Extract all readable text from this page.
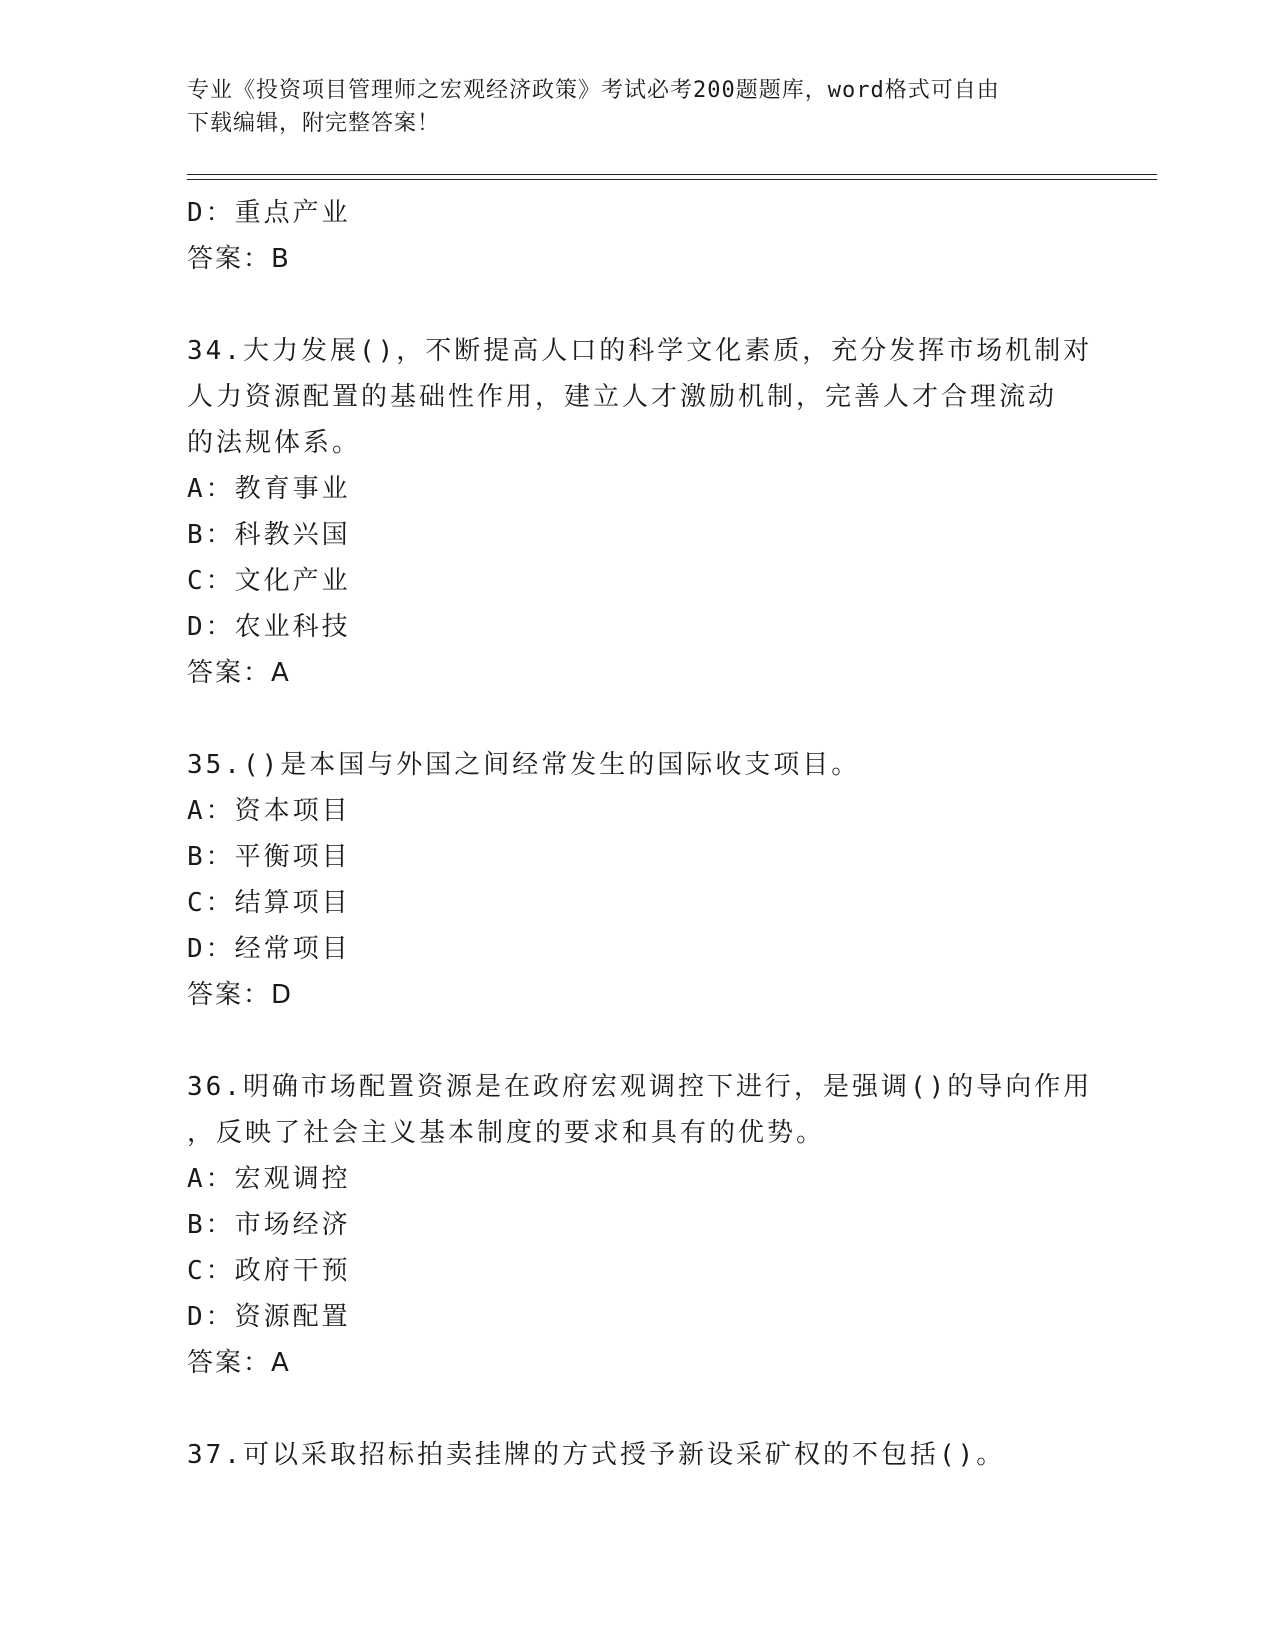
专业《投资项目管理师之宏观经济政策》考试必考200题题库，word格式可自由
下载编辑，附完整答案！
D：重点产业
答案：B
34.大力发展()，不断提高人口的科学文化素质，充分发挥市场机制对
人力资源配置的基础性作用，建立人才激励机制，完善人才合理流动
的法规体系。
A：教育事业
B：科教兴国
C：文化产业
D：农业科技
答案：A
35.()是本国与外国之间经常发生的国际收支项目。
A：资本项目
B：平衡项目
C：结算项目
D：经常项目
答案：D
36.明确市场配置资源是在政府宏观调控下进行，是强调()的导向作用
，反映了社会主义基本制度的要求和具有的优势。
A：宏观调控
B：市场经济
C：政府干预
D：资源配置
答案：A
37.可以采取招标拍卖挂牌的方式授予新设采矿权的不包括()。
